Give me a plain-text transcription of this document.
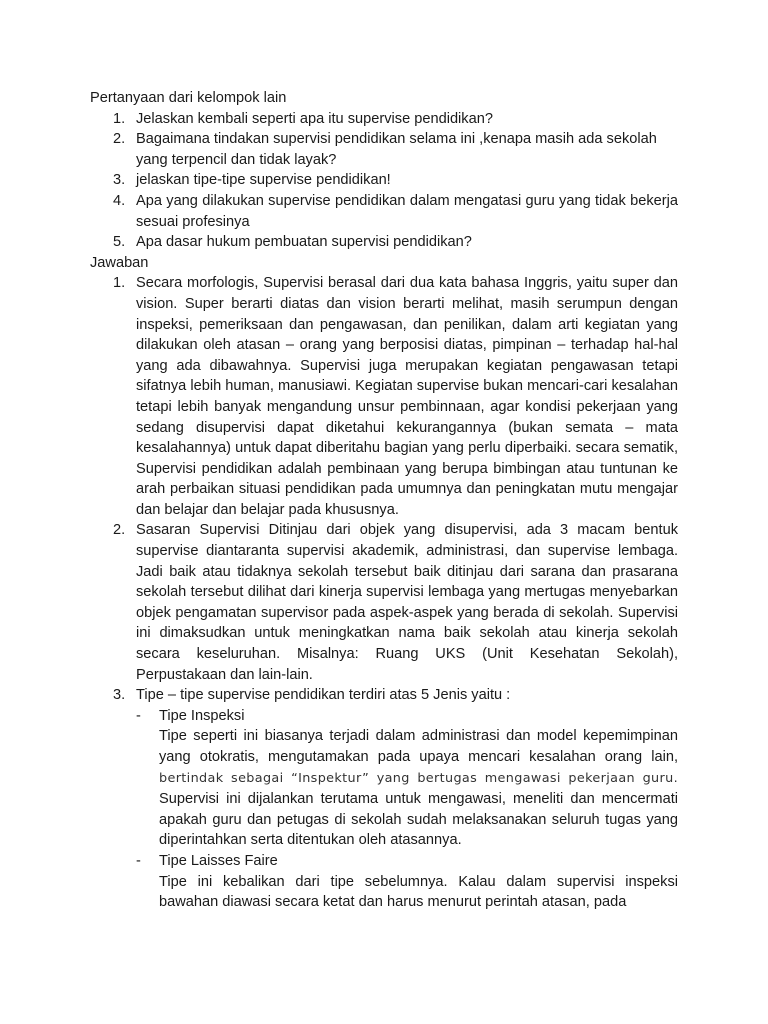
Pertanyaan dari kelompok lain

Jelaskan kembali seperti apa itu supervise pendidikan?
Bagaimana tindakan supervisi pendidikan selama ini ,kenapa masih ada sekolah yang terpencil dan tidak layak?
jelaskan tipe-tipe supervise pendidikan!
Apa yang dilakukan supervise pendidikan dalam mengatasi guru yang tidak bekerja sesuai profesinya
Apa dasar hukum pembuatan supervisi pendidikan?

Jawaban

Secara morfologis, Supervisi berasal dari dua kata bahasa Inggris, yaitu super dan vision. Super berarti diatas dan vision berarti melihat, masih serumpun dengan inspeksi, pemeriksaan dan pengawasan, dan penilikan, dalam arti kegiatan yang dilakukan oleh atasan – orang yang berposisi diatas, pimpinan – terhadap hal-hal yang ada dibawahnya. Supervisi juga merupakan kegiatan pengawasan tetapi sifatnya lebih human, manusiawi. Kegiatan supervise bukan mencari-cari kesalahan tetapi lebih banyak mengandung unsur pembinnaan, agar kondisi pekerjaan yang sedang disupervisi dapat diketahui kekurangannya (bukan semata – mata kesalahannya) untuk dapat diberitahu bagian yang perlu diperbaiki. secara sematik, Supervisi pendidikan adalah pembinaan yang berupa bimbingan atau tuntunan ke arah perbaikan situasi pendidikan pada umumnya dan peningkatan mutu mengajar dan belajar dan belajar pada khususnya.
Sasaran Supervisi Ditinjau dari objek yang disupervisi, ada 3 macam bentuk supervise diantaranta supervisi akademik, administrasi, dan supervise lembaga. Jadi baik atau tidaknya sekolah tersebut baik ditinjau dari sarana dan prasarana sekolah tersebut dilihat dari kinerja supervisi lembaga yang mertugas menyebarkan objek pengamatan supervisor pada aspek-aspek yang berada di sekolah. Supervisi ini dimaksudkan untuk meningkatkan nama baik sekolah atau kinerja sekolah secara keseluruhan. Misalnya: Ruang UKS (Unit Kesehatan Sekolah), Perpustakaan dan lain-lain.
Tipe – tipe supervise pendidikan terdiri atas 5 Jenis yaitu :
- Tipe Inspeksi
Tipe seperti ini biasanya terjadi dalam administrasi dan model kepemimpinan yang otokratis, mengutamakan pada upaya mencari kesalahan orang lain, bertindak sebagai “Inspektur” yang bertugas mengawasi pekerjaan guru. Supervisi ini dijalankan terutama untuk mengawasi, meneliti dan mencermati apakah guru dan petugas di sekolah sudah melaksanakan seluruh tugas yang diperintahkan serta ditentukan oleh atasannya.
- Tipe Laisses Faire
Tipe ini kebalikan dari tipe sebelumnya. Kalau dalam supervisi inspeksi bawahan diawasi secara ketat dan harus menurut perintah atasan, pada
